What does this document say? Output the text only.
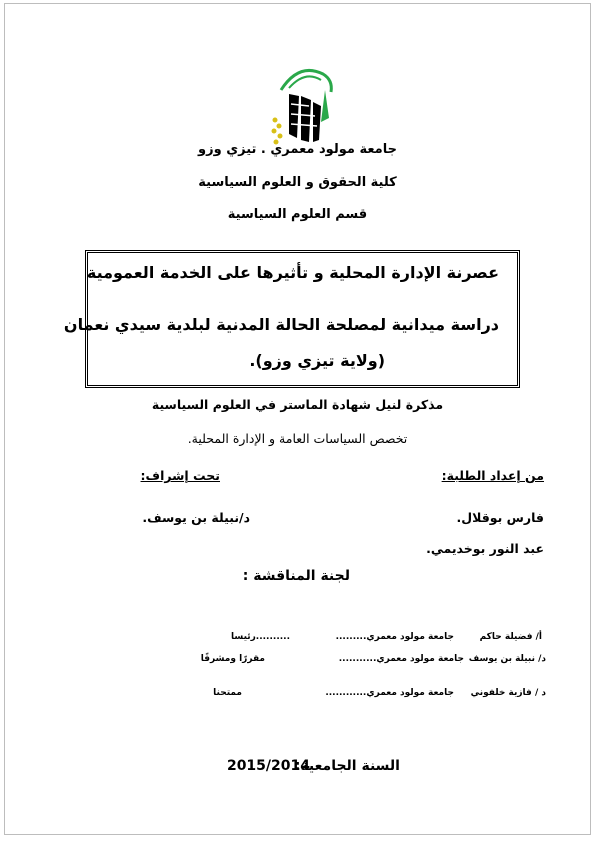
جامعة مولود معمري . تيزي وزو
كلية الحقوق و العلوم السياسية
قسم العلوم السياسية
عصرنة الإدارة المحلية و تأثيرها على الخدمة العمومية
دراسة ميدانية لمصلحة الحالة المدنية لبلدية سيدي نعمان
(ولاية تيزي وزو).
مذكرة لنيل شهادة الماستر في العلوم السياسية
تخصص السياسات العامة و الإدارة المحلية.
من إعداد الطلبة:
تحت إشراف:
فارس بوقلال.
د/نبيلة بن يوسف.
عبد النور بوخديمي.
لجنة المناقشة :
أ/ فضيلة حاكم
جامعة مولود معمري.........
..........رئيسا
د/ نبيلة بن يوسف
جامعة مولود معمري...........
مقررًا ومشرفًا
د / فازية خلفوني
جامعة مولود معمري............
ممتحنا
السنة الجامعية:
2015/2014
